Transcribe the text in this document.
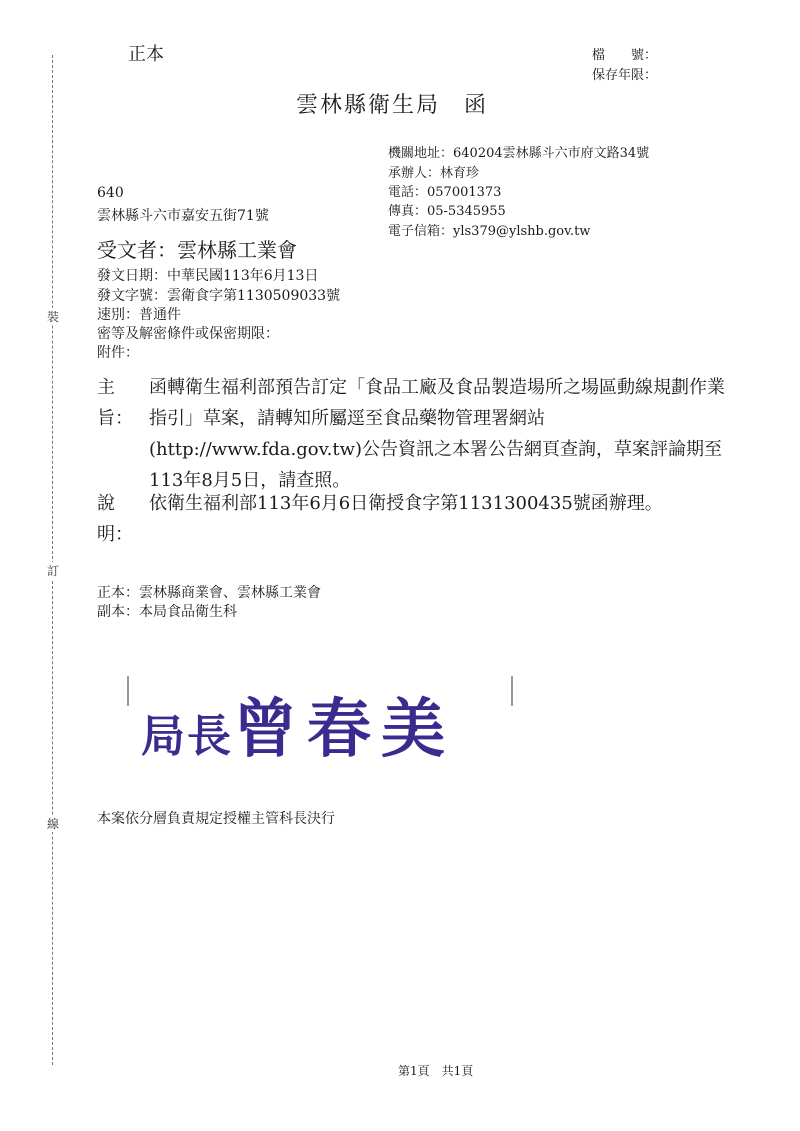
裝
訂
線
正本	檔　　號：
保存年限：
雲林縣衛生局　函
機關地址：640204雲林縣斗六市府文路34號
承辦人：林育珍
電話：057001373
傳真：05-5345955
電子信箱：yls379@ylshb.gov.tw
640
雲林縣斗六市嘉安五街71號
受文者：雲林縣工業會
發文日期：中華民國113年6月13日
發文字號：雲衛食字第1130509033號
速別：普通件
密等及解密條件或保密期限：
附件：
主旨：
函轉衛生福利部預告訂定「食品工廠及食品製造場所之場區動線規劃作業指引」草案，請轉知所屬逕至食品藥物管理署網站(http://www.fda.gov.tw)公告資訊之本署公告網頁查詢，草案評論期至113年8月5日，請查照。
說明：
依衛生福利部113年6月6日衛授食字第1131300435號函辦理。
正本：雲林縣商業會、雲林縣工業會
副本：本局食品衛生科
局長曾春美
本案依分層負責規定授權主管科長決行
第1頁　共1頁
